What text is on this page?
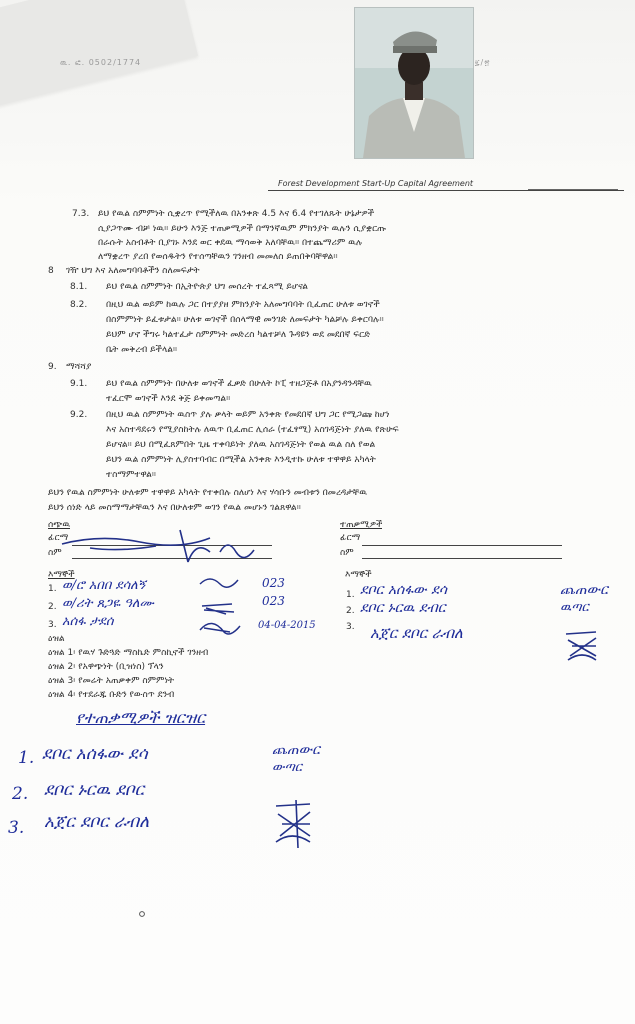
ዉ. ፎ. 0502/1774	፯/፳
Forest Development Start-Up Capital Agreement
7.3. ይህ የዉል ስምምነት ሲቋረጥ የሚችለዉ በአንቀጽ 4.5 እና 6.4 የተገለጹት ሁኔታዎች
ሲያጋጥሙ ብቻ ነዉ። ይሁን እንጅ ተጠቃሚዎች በማንኛዉም ምክንያት ዉሉን ሲያቋርጡ
በራሱት አስብቶት ቢያገኑ እንደ ወር ቀደዉ ማሳወቅ አለባቸዉ። በተጨማሪም ዉሉ
ለማቋረጥ ያረበ የወሰዱትን የተሰጣቸዉን ገንዘብ መመለስ ይጠበቅባቸዋል።
8 ገዥ ህግ እና አለመግባባቶችን ስለመፍታት
8.1. ይህ የዉል ስምምነት በኢትዮጵያ ህግ መሰረት ተፈጻሚ ይሆናል
8.2. በዚህ ዉል ወይም ከዉሉ ጋር በተያያዘ ምክንያት አለመግባባት ቢፈጠር ሁለቱ ወገኖች
በስምምነት ይፈቱታል። ሁለቱ ወገኖች በሰላማዊ መንገድ ለመፍታት ካልቻሉ ይቀርባሉ።
ይህም ሆኖ ችግሩ ካልተፈታ ስምምነት መድረስ ካልተቻለ ጉዳዩን ወደ መደበኛ ፍርድ
ቤት መቅረብ ይችላል።
9. ማሻሻያ
9.1. ይህ የዉል ስምምነት በሁለቱ ወገኖች ፈቃድ በሁለት ኮፒ ተዘጋጅቶ በአያንዳንዳቸዉ
ተፈርሞ ወገኖች እንደ ቅጅ ይቀመጣል።
9.2. በዚህ ዉል ስምምነት ዉስጥ ያሉ ቃላት ወይም አንቀጽ የመደበኛ ህግ ጋር የሚጋጩ ከሆነ
እና አስተዳደሩን የሚያስከትሉ ለዉጥ ቢፈጠር ሊሰራ (ተፈፃሚ) አስገዳጅነት ያለዉ የጽሁፍ
ይሆናል። ይህ በሚፈጸምበት ጊዜ ተቀባይነት ያለዉ አስገዳጅነት የወል ዉል ስለ የወል
ይህን ዉል ስምምነት ሊያስተባብር በሚችል አንቀጽ እንዲተኩ ሁለቱ ተዋዋይ አካላት
ተስማምተዋል።
ይህን የዉል ስምምነት ሁለቱም ተዋዋይ አካላት የተቀበሉ ስለሆነ እና ሃሳቡን መብቱን በመረዳታቸዉ
ይህን ሰነድ ላይ መስማማታቸዉን እና በሁለቱም ወገን የዉል መሆኑን ገልጸዋል።
ሰጭዉ
ፊርማ
ስም
ተጠቃሚዎች
ፊርማ
ስም
እማኞች	እማኞች
1. ወ/ሮ አበበ ደሳለኝ	023
2. ወ/ሪት ጸጋዬ ዓለሙ	023
3. አሰፋ ታደሰ	04-04-2015
1. ደቦር አሰፋው ደሳ	ጨጠውር
2. ደቦር ኑርዉ ደብር	ዉጣር
3. አጀር ደቦር ራብለ
ዕዝል
ዕዝል 1፡ የዉሃ ጉድጓድ ማስኬድ ምስኪኖች ገንዘብ
ዕዝል 2፡ የአዋጭነት (ቢዝነስ) ፕላን
ዕዝል 3፡ የመሬት አጠቃቀም ስምምነት
ዕዝል 4፡ የተደራጁ ቡድን የውስጥ ደንብ
የተጠቃሚዎች ዝርዝር
1. ደቦር አሰፋው ደሳ	ጨጠውር
ውጣር
2. ደቦር ኑርዉ ደቦር
3. አጀር ደቦር ራብለ
